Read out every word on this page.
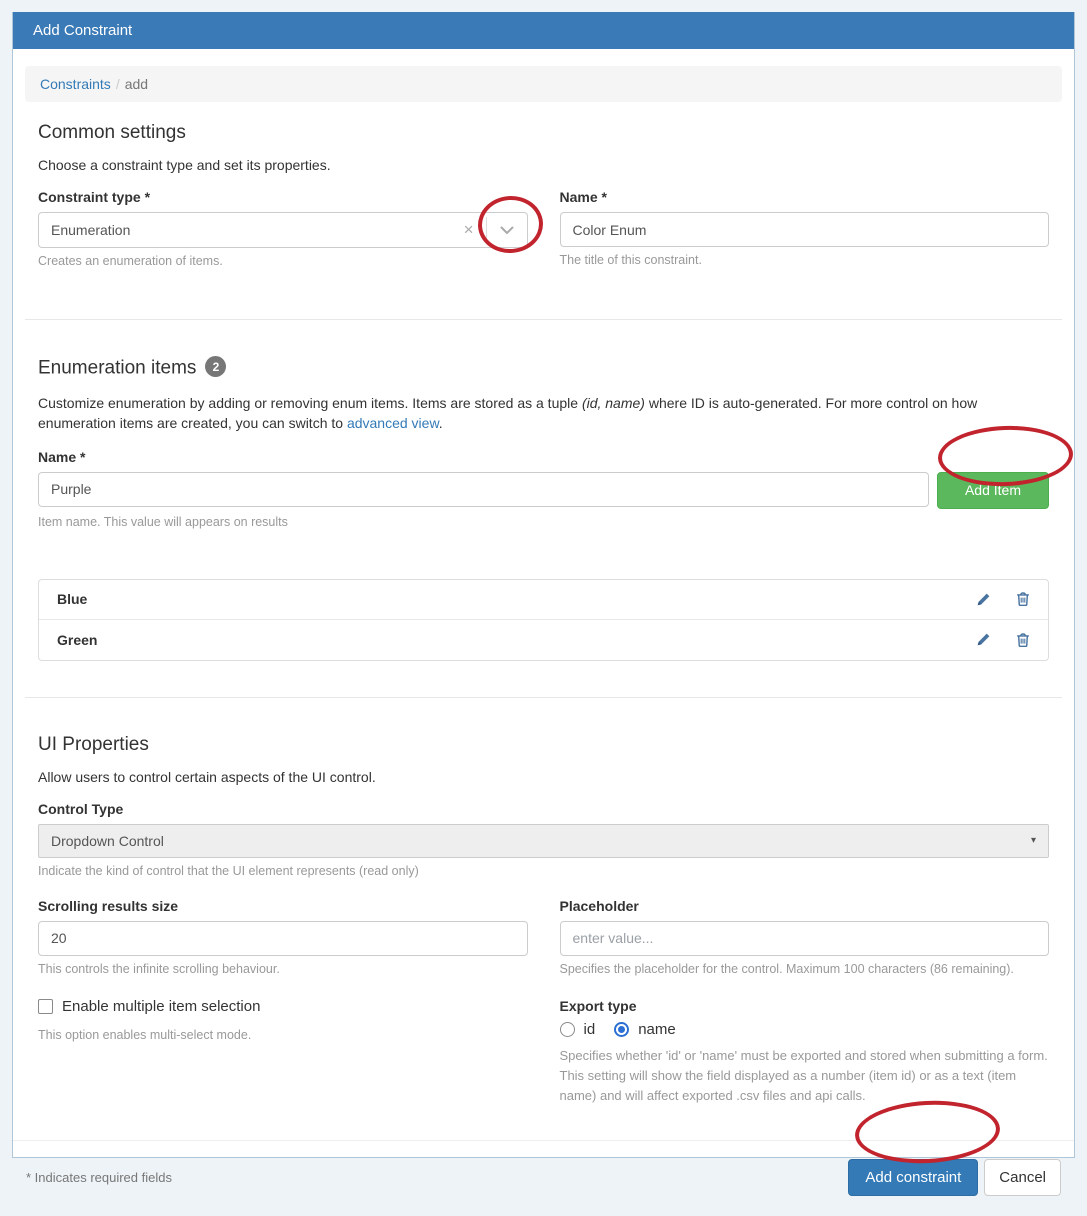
Add Constraint
Constraints / add
Common settings

Choose a constraint type and set its properties.

Constraint type *
Enumeration	×
Creates an enumeration of items.
Name *
Color Enum
The title of this constraint.
Enumeration items 2

Customize enumeration by adding or removing enum items. Items are stored as a tuple (id, name) where ID is auto-generated. For more control on how enumeration items are created, you can switch to advanced view.

Name *
Purple
Add Item
Item name. This value will appears on results
Blue
Green
UI Properties

Allow users to control certain aspects of the UI control.

Control Type
Dropdown Control	▾
Indicate the kind of control that the UI element represents (read only)
Scrolling results size
20
This controls the infinite scrolling behaviour.
Enable multiple item selection
This option enables multi-select mode.
Placeholder
enter value...
Specifies the placeholder for the control. Maximum 100 characters (86 remaining).
Export type
id	name
Specifies whether 'id' or 'name' must be exported and stored when submitting a form. This setting will show the field displayed as a number (item id) or as a text (item name) and will affect exported .csv files and api calls.
* Indicates required fields	Add constraint	Cancel
